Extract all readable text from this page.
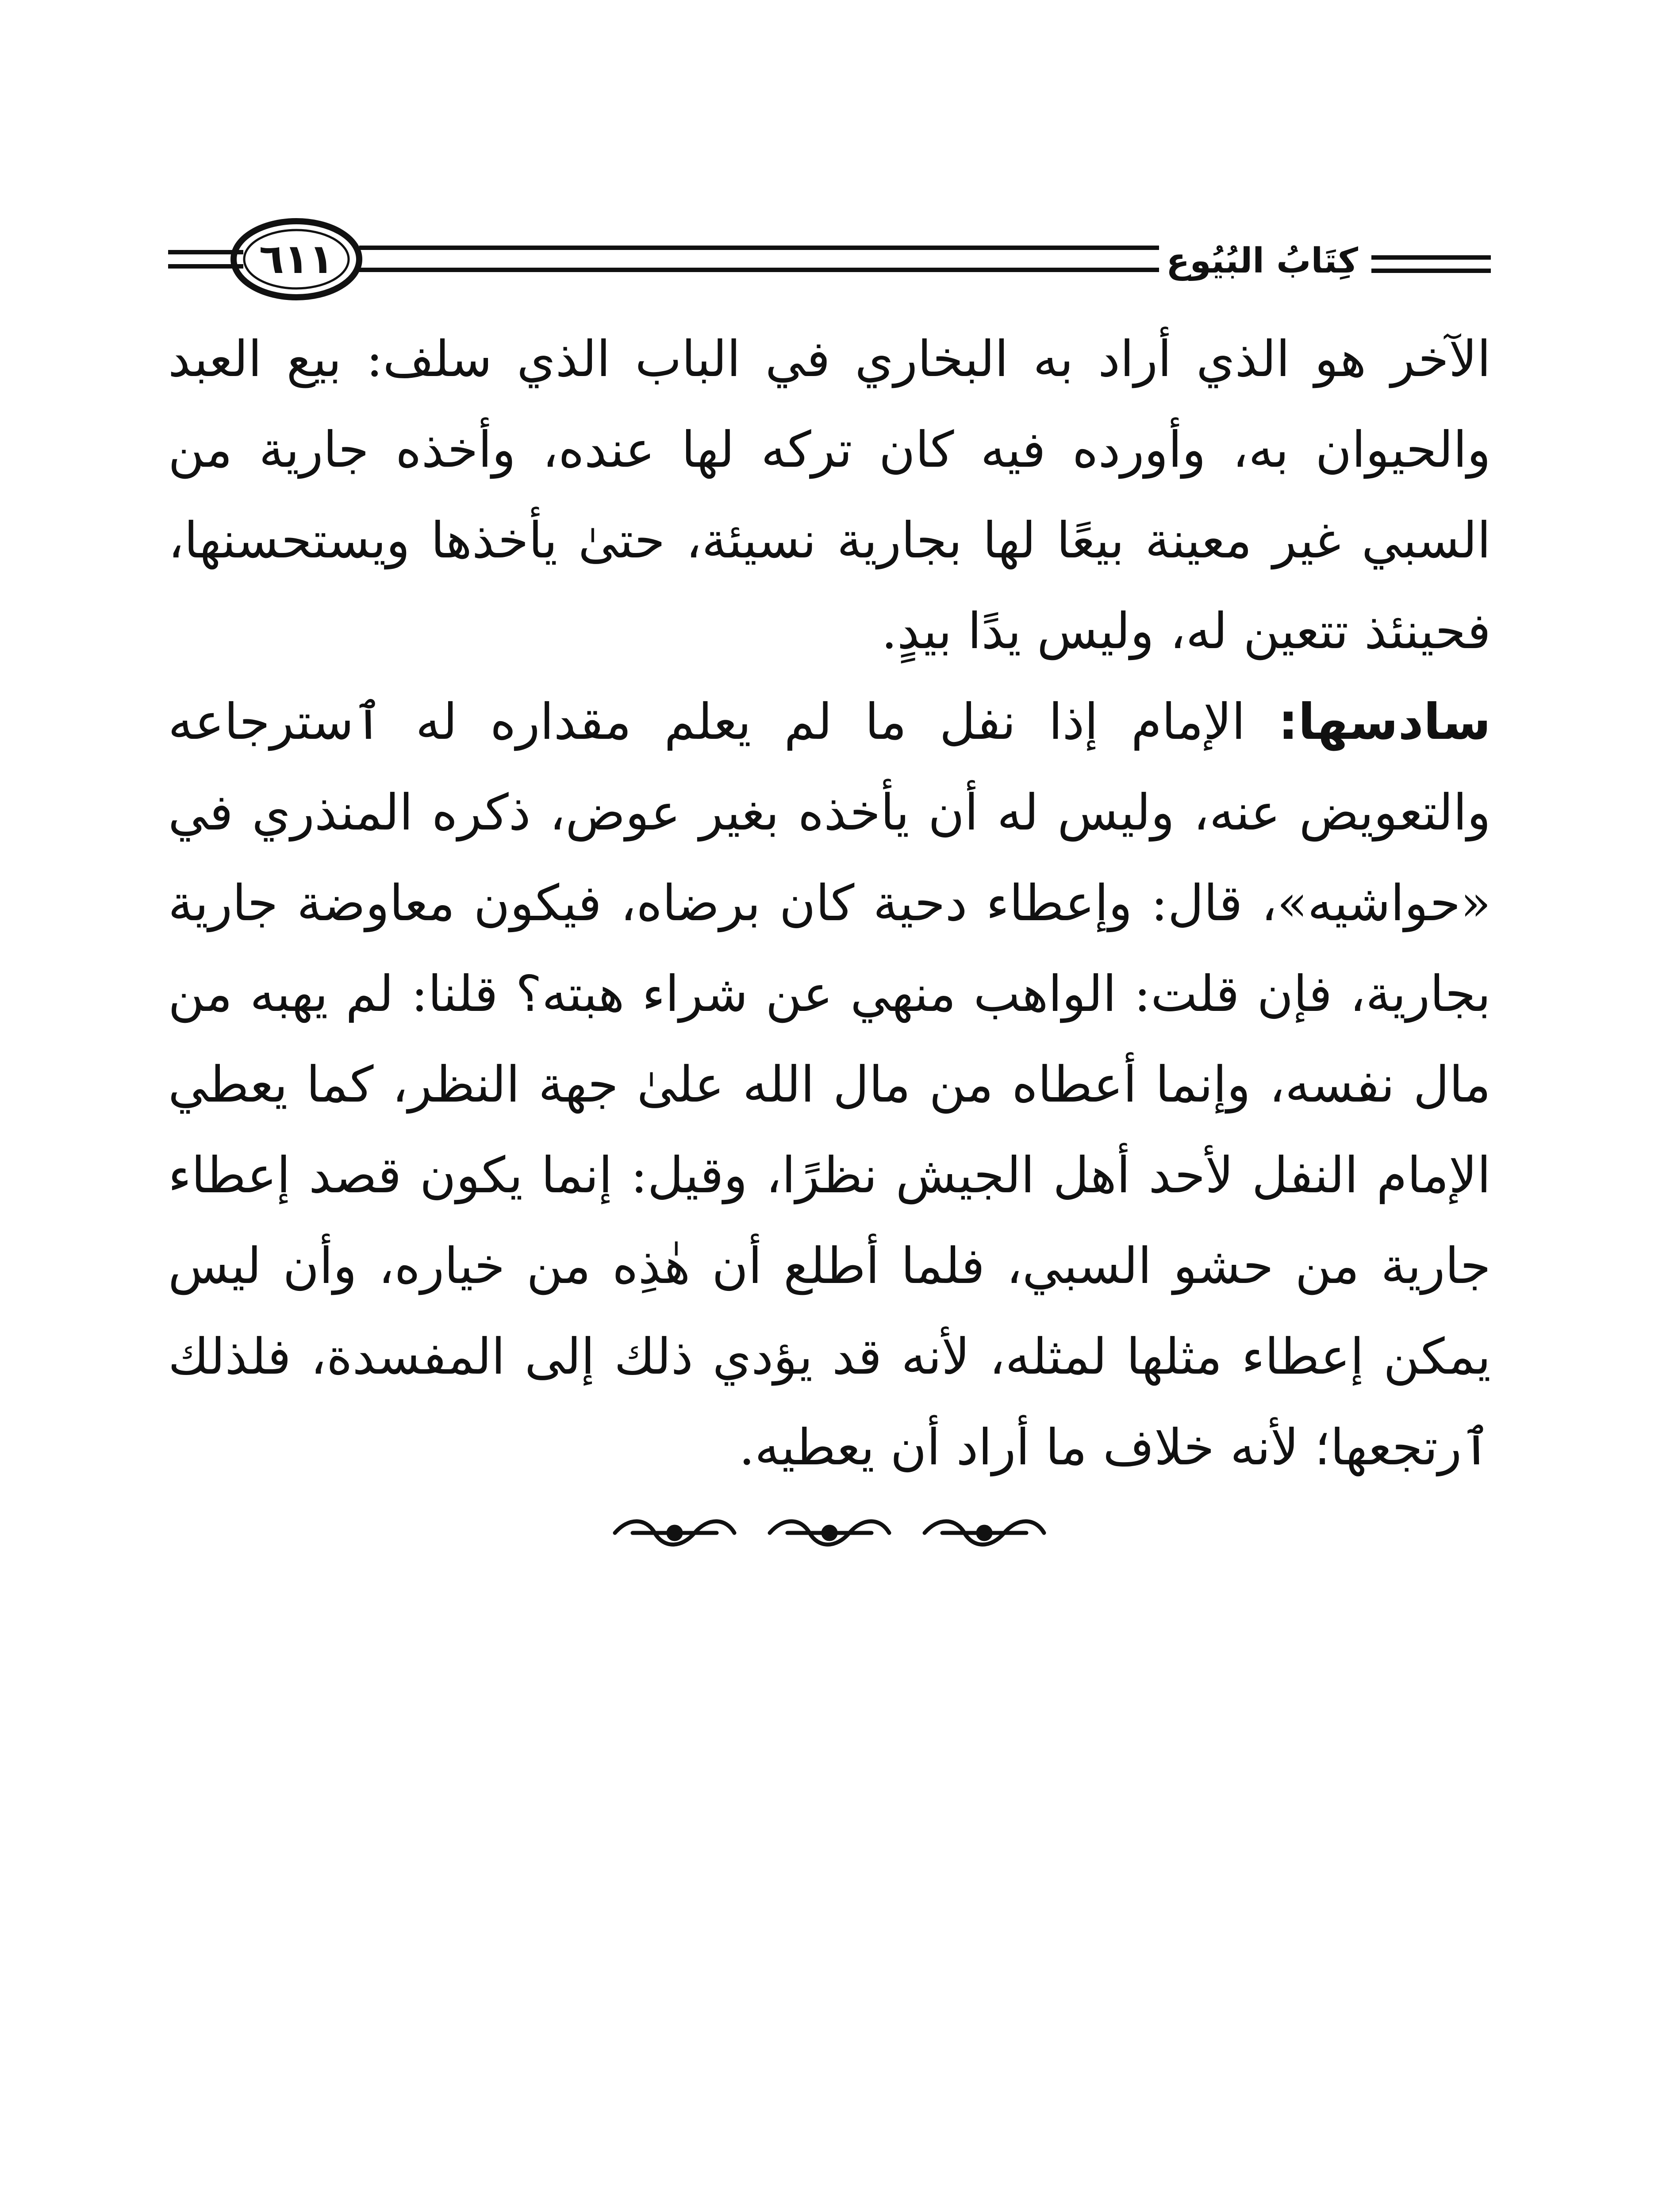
٦١١	كِتَابُ البُيُوع

الآخر هو الذي أراد به البخاري في الباب الذي سلف: بيع العبد والحيوان به، وأورده فيه كان تركه لها عنده، وأخذه جارية من السبي غير معينة بيعًا لها بجارية نسيئة، حتىٰ يأخذها ويستحسنها، فحينئذ تتعين له، وليس يدًا بيدٍ.

سادسها: الإمام إذا نفل ما لم يعلم مقداره له ٱسترجاعه والتعويض عنه، وليس له أن يأخذه بغير عوض، ذكره المنذري في «حواشيه»، قال: وإعطاء دحية كان برضاه، فيكون معاوضة جارية بجارية، فإن قلت: الواهب منهي عن شراء هبته؟ قلنا: لم يهبه من مال نفسه، وإنما أعطاه من مال الله علىٰ جهة النظر، كما يعطي الإمام النفل لأحد أهل الجيش نظرًا، وقيل: إنما يكون قصد إعطاء جارية من حشو السبي، فلما أطلع أن هٰذِه من خياره، وأن ليس يمكن إعطاء مثلها لمثله، لأنه قد يؤدي ذلك إلى المفسدة، فلذلك ٱرتجعها؛ لأنه خلاف ما أراد أن يعطيه.
